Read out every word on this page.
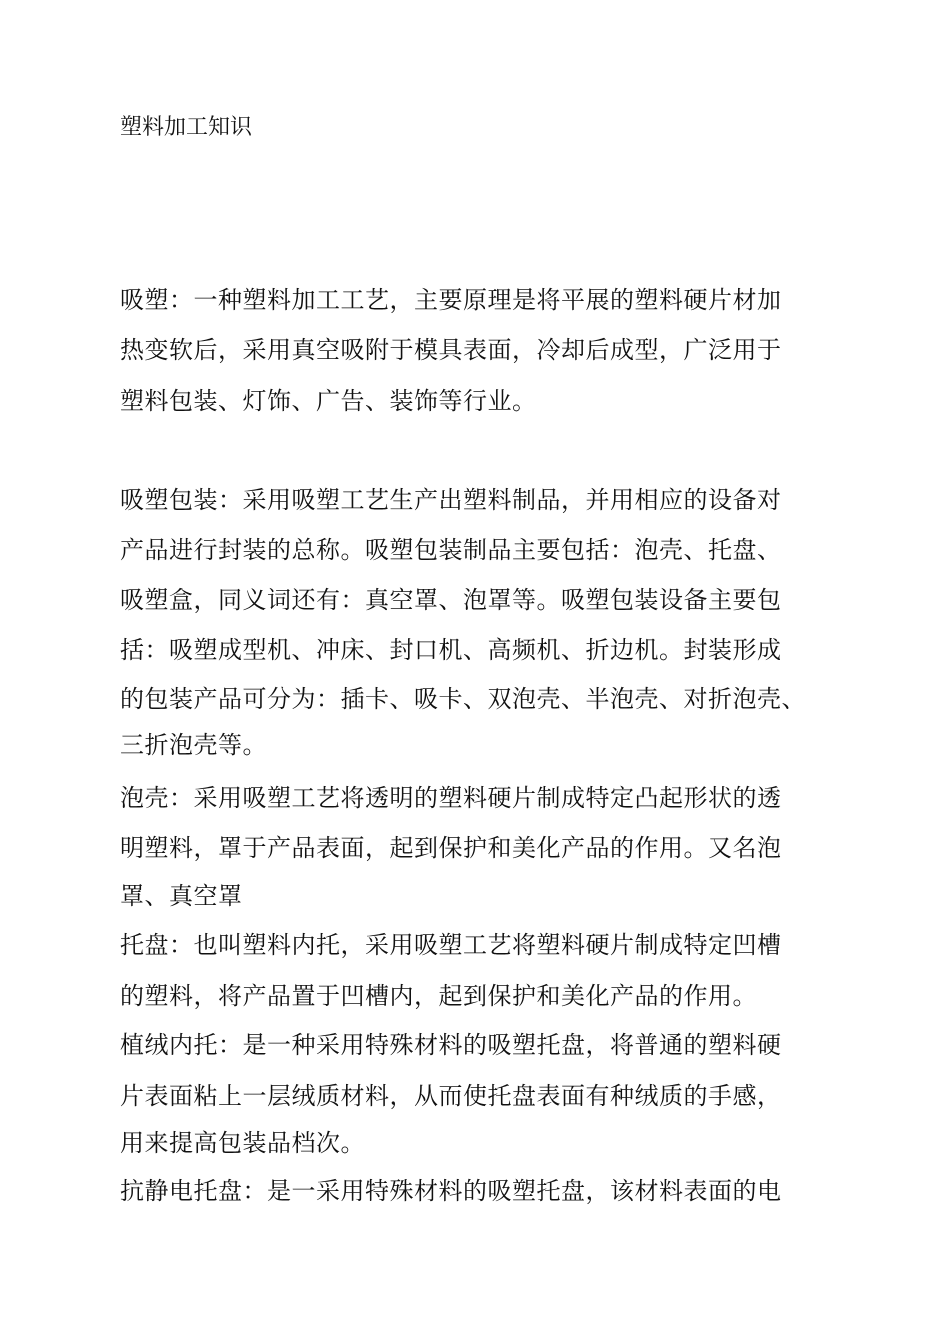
塑料加工知识

吸塑：一种塑料加工工艺，主要原理是将平展的塑料硬片材加

热变软后，采用真空吸附于模具表面，冷却后成型，广泛用于

塑料包装、灯饰、广告、装饰等行业。

吸塑包装：采用吸塑工艺生产出塑料制品，并用相应的设备对

产品进行封装的总称。吸塑包装制品主要包括：泡壳、托盘、

吸塑盒，同义词还有：真空罩、泡罩等。吸塑包装设备主要包

括：吸塑成型机、冲床、封口机、高频机、折边机。封装形成

的包装产品可分为：插卡、吸卡、双泡壳、半泡壳、对折泡壳、

三折泡壳等。

泡壳：采用吸塑工艺将透明的塑料硬片制成特定凸起形状的透

明塑料，罩于产品表面，起到保护和美化产品的作用。又名泡

罩、真空罩

托盘：也叫塑料内托，采用吸塑工艺将塑料硬片制成特定凹槽

的塑料，将产品置于凹槽内，起到保护和美化产品的作用。

植绒内托：是一种采用特殊材料的吸塑托盘，将普通的塑料硬

片表面粘上一层绒质材料，从而使托盘表面有种绒质的手感，

用来提高包装品档次。

抗静电托盘：是一采用特殊材料的吸塑托盘，该材料表面的电
